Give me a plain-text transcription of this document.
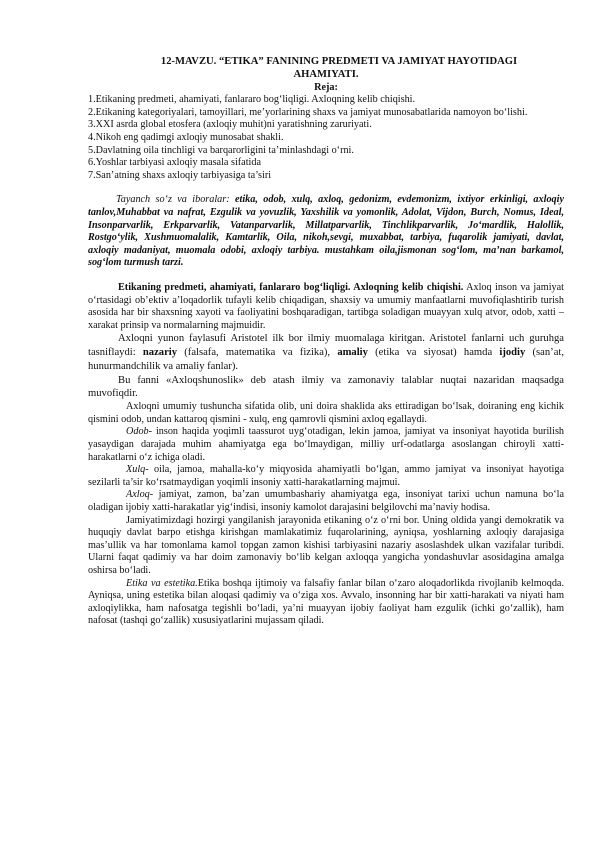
12-MAVZU. “ETIKA” FANINING PREDMETI VA JAMIYAT HAYOTIDAGI
AHAMIYATI.
Reja:
1.Etikaning predmeti, ahamiyati, fanlararo bog‘liqligi. Axloqning kelib chiqishi.
2.Etikaning kategoriyalari, tamoyillari, me’yorlarining shaxs va jamiyat munosabatlarida namoyon bo‘lishi.
3.XXI asrda global etosfera (axloqiy muhit)ni yaratishning zaruriyati.
4.Nikoh eng qadimgi axloqiy munosabat shakli.
5.Davlatning oila tinchligi va barqarorligini ta’minlashdagi o‘rni.
6.Yoshlar tarbiyasi axloqiy masala sifatida
7.San’atning shaxs axloqiy tarbiyasiga ta’siri

Tayanch so‘z va iboralar: etika, odob, xulq, axloq, gedonizm, evdemonizm, ixtiyor erkinligi, axloqiy tanlov,Muhabbat va nafrat, Ezgulik va yovuzlik, Yaxshilik va yomonlik, Adolat, Vijdon, Burch, Nomus, Ideal, Insonparvarlik, Erkparvarlik, Vatanparvarlik, Millatparvarlik, Tinchlikparvarlik, Jo‘mardlik, Halollik, Rostgo‘ylik, Xushmuomalalik, Kamtarlik, Oila, nikoh,sevgi, muxabbat, tarbiya, fuqarolik jamiyati, davlat, axloqiy madaniyat, muomala odobi, axloqiy tarbiya. mustahkam oila,jismonan sog‘lom, ma’nan barkamol, sog‘lom turmush tarzi.

Etikaning predmeti, ahamiyati, fanlararo bog‘liqligi. Axloqning kelib chiqishi. Axloq inson va jamiyat o‘rtasidagi ob’ektiv a’loqadorlik tufayli kelib chiqadigan, shaxsiy va umumiy manfaatlarni muvofiqlashtirib turish asosida har bir shaxsning xayoti va faoliyatini boshqaradigan, tartibga soladigan muayyan xulq atvor, odob, xatti – xarakat prinsip va normalarning majmuidir.

Axloqni yunon faylasufi Aristotel ilk bor ilmiy muomalaga kiritgan. Aristotel fanlarni uch guruhga tasniflaydi: nazariy (falsafa, matematika va fizika), amaliy (etika va siyosat) hamda ijodiy (san’at, hunurmandchilik va amaliy fanlar).

Bu fanni «Axloqshunoslik» deb atash ilmiy va zamonaviy talablar nuqtai nazaridan maqsadga muvofiqdir.

Axloqni umumiy tushuncha sifatida olib, uni doira shaklida aks ettiradigan bo‘lsak, doiraning eng kichik qismini odob, undan kattaroq qismini - xulq, eng qamrovli qismini axloq egallaydi.

Odob- inson haqida yoqimli taassurot uyg‘otadigan, lekin jamoa, jamiyat va insoniyat hayotida burilish yasaydigan darajada muhim ahamiyatga ega bo‘lmaydigan, milliy urf-odatlarga asoslangan chiroyli xatti-harakatlarni o‘z ichiga oladi.

Xulq- oila, jamoa, mahalla-ko‘y miqyosida ahamiyatli bo‘lgan, ammo jamiyat va insoniyat hayotiga sezilarli ta’sir ko‘rsatmaydigan yoqimli insoniy xatti-harakatlarning majmui.

Axloq- jamiyat, zamon, ba’zan umumbashariy ahamiyatga ega, insoniyat tarixi uchun namuna bo‘la oladigan ijobiy xatti-harakatlar yig‘indisi, insoniy kamolot darajasini belgilovchi ma’naviy hodisa.

Jamiyatimizdagi hozirgi yangilanish jarayonida etikaning o‘z o‘rni bor. Uning oldida yangi demokratik va huquqiy davlat barpo etishga kirishgan mamlakatimiz fuqarolarining, ayniqsa, yoshlarning axloqiy darajasiga mas’ullik va har tomonlama kamol topgan zamon kishisi tarbiyasini nazariy asoslashdek ulkan vazifalar turibdi. Ularni faqat qadimiy va har doim zamonaviy bo‘lib kelgan axloqqa yangicha yondashuvlar asosidagina amalga oshirsa bo‘ladi.

Etika va estetika.Etika boshqa ijtimoiy va falsafiy fanlar bilan o‘zaro aloqadorlikda rivojlanib kelmoqda. Ayniqsa, uning estetika bilan aloqasi qadimiy va o‘ziga xos. Avvalo, insonning har bir xatti-harakati va niyati ham axloqiylikka, ham nafosatga tegishli bo‘ladi, ya’ni muayyan ijobiy faoliyat ham ezgulik (ichki go‘zallik), ham nafosat (tashqi go‘zallik) xususiyatlarini mujassam qiladi.
